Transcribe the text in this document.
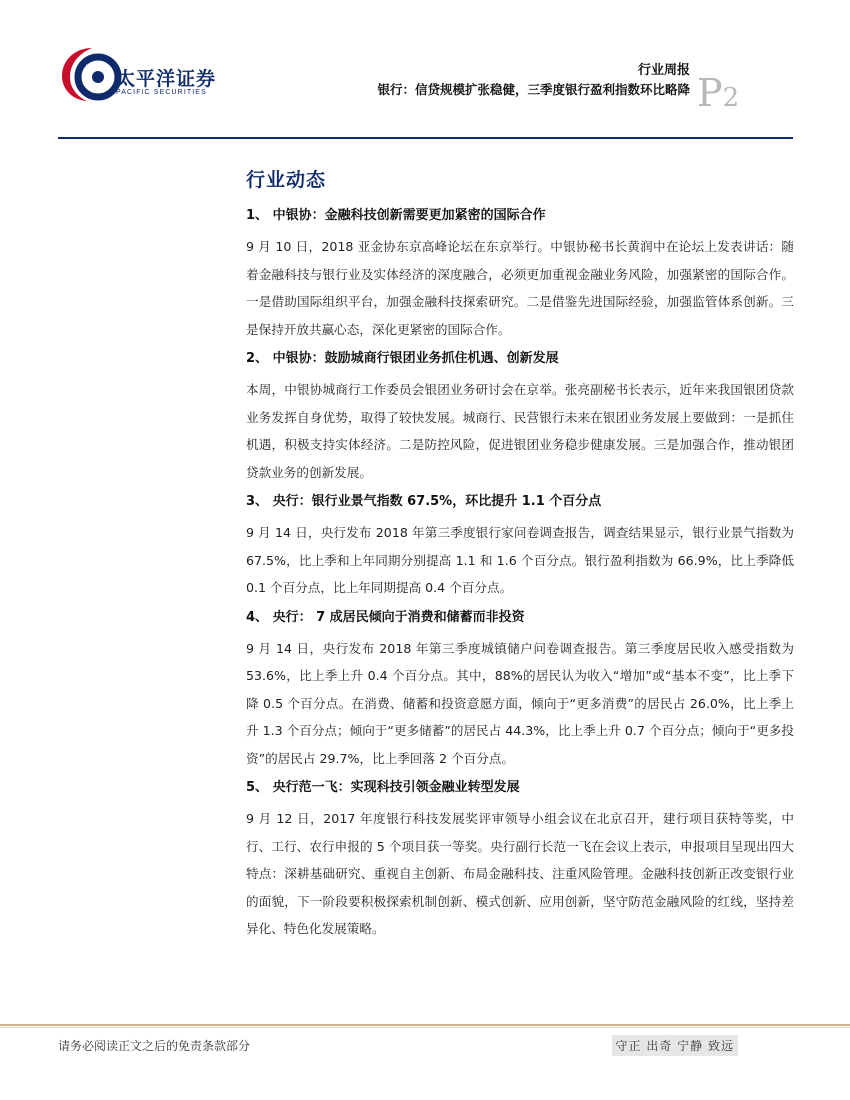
太平洋证券
PACIFIC SECURITIES
行业周报
银行：信贷规模扩张稳健，三季度银行盈利指数环比略降 P2
行业动态
1、 中银协：金融科技创新需要更加紧密的国际合作
9 月 10 日，2018 亚金协东京高峰论坛在东京举行。中银协秘书长黄润中在论坛上发表讲话：随着金融科技与银行业及实体经济的深度融合，必须更加重视金融业务风险，加强紧密的国际合作。一是借助国际组织平台，加强金融科技探索研究。二是借鉴先进国际经验，加强监管体系创新。三是保持开放共赢心态，深化更紧密的国际合作。
2、 中银协：鼓励城商行银团业务抓住机遇、创新发展
本周，中银协城商行工作委员会银团业务研讨会在京举。张亮副秘书长表示，近年来我国银团贷款业务发挥自身优势，取得了较快发展。城商行、民营银行未来在银团业务发展上要做到：一是抓住机遇，积极支持实体经济。二是防控风险，促进银团业务稳步健康发展。三是加强合作，推动银团贷款业务的创新发展。
3、 央行：银行业景气指数 67.5%，环比提升 1.1 个百分点
9 月 14 日，央行发布 2018 年第三季度银行家问卷调查报告，调查结果显示，银行业景气指数为 67.5%，比上季和上年同期分别提高 1.1 和 1.6 个百分点。银行盈利指数为 66.9%，比上季降低 0.1 个百分点，比上年同期提高 0.4 个百分点。
4、 央行： 7 成居民倾向于消费和储蓄而非投资
9 月 14 日，央行发布 2018 年第三季度城镇储户问卷调查报告。第三季度居民收入感受指数为 53.6%，比上季上升 0.4 个百分点。其中，88%的居民认为收入“增加”或“基本不变”，比上季下降 0.5 个百分点。在消费、储蓄和投资意愿方面，倾向于“更多消费”的居民占 26.0%，比上季上升 1.3 个百分点；倾向于“更多储蓄”的居民占 44.3%，比上季上升 0.7 个百分点；倾向于“更多投资”的居民占 29.7%，比上季回落 2 个百分点。
5、 央行范一飞：实现科技引领金融业转型发展
9 月 12 日，2017 年度银行科技发展奖评审领导小组会议在北京召开，建行项目获特等奖，中行、工行、农行申报的 5 个项目获一等奖。央行副行长范一飞在会议上表示，申报项目呈现出四大特点：深耕基础研究、重视自主创新、布局金融科技、注重风险管理。金融科技创新正改变银行业的面貌，下一阶段要积极探索机制创新、模式创新、应用创新，坚守防范金融风险的红线，坚持差异化、特色化发展策略。
请务必阅读正文之后的免责条款部分	守正 出奇 宁静 致远
